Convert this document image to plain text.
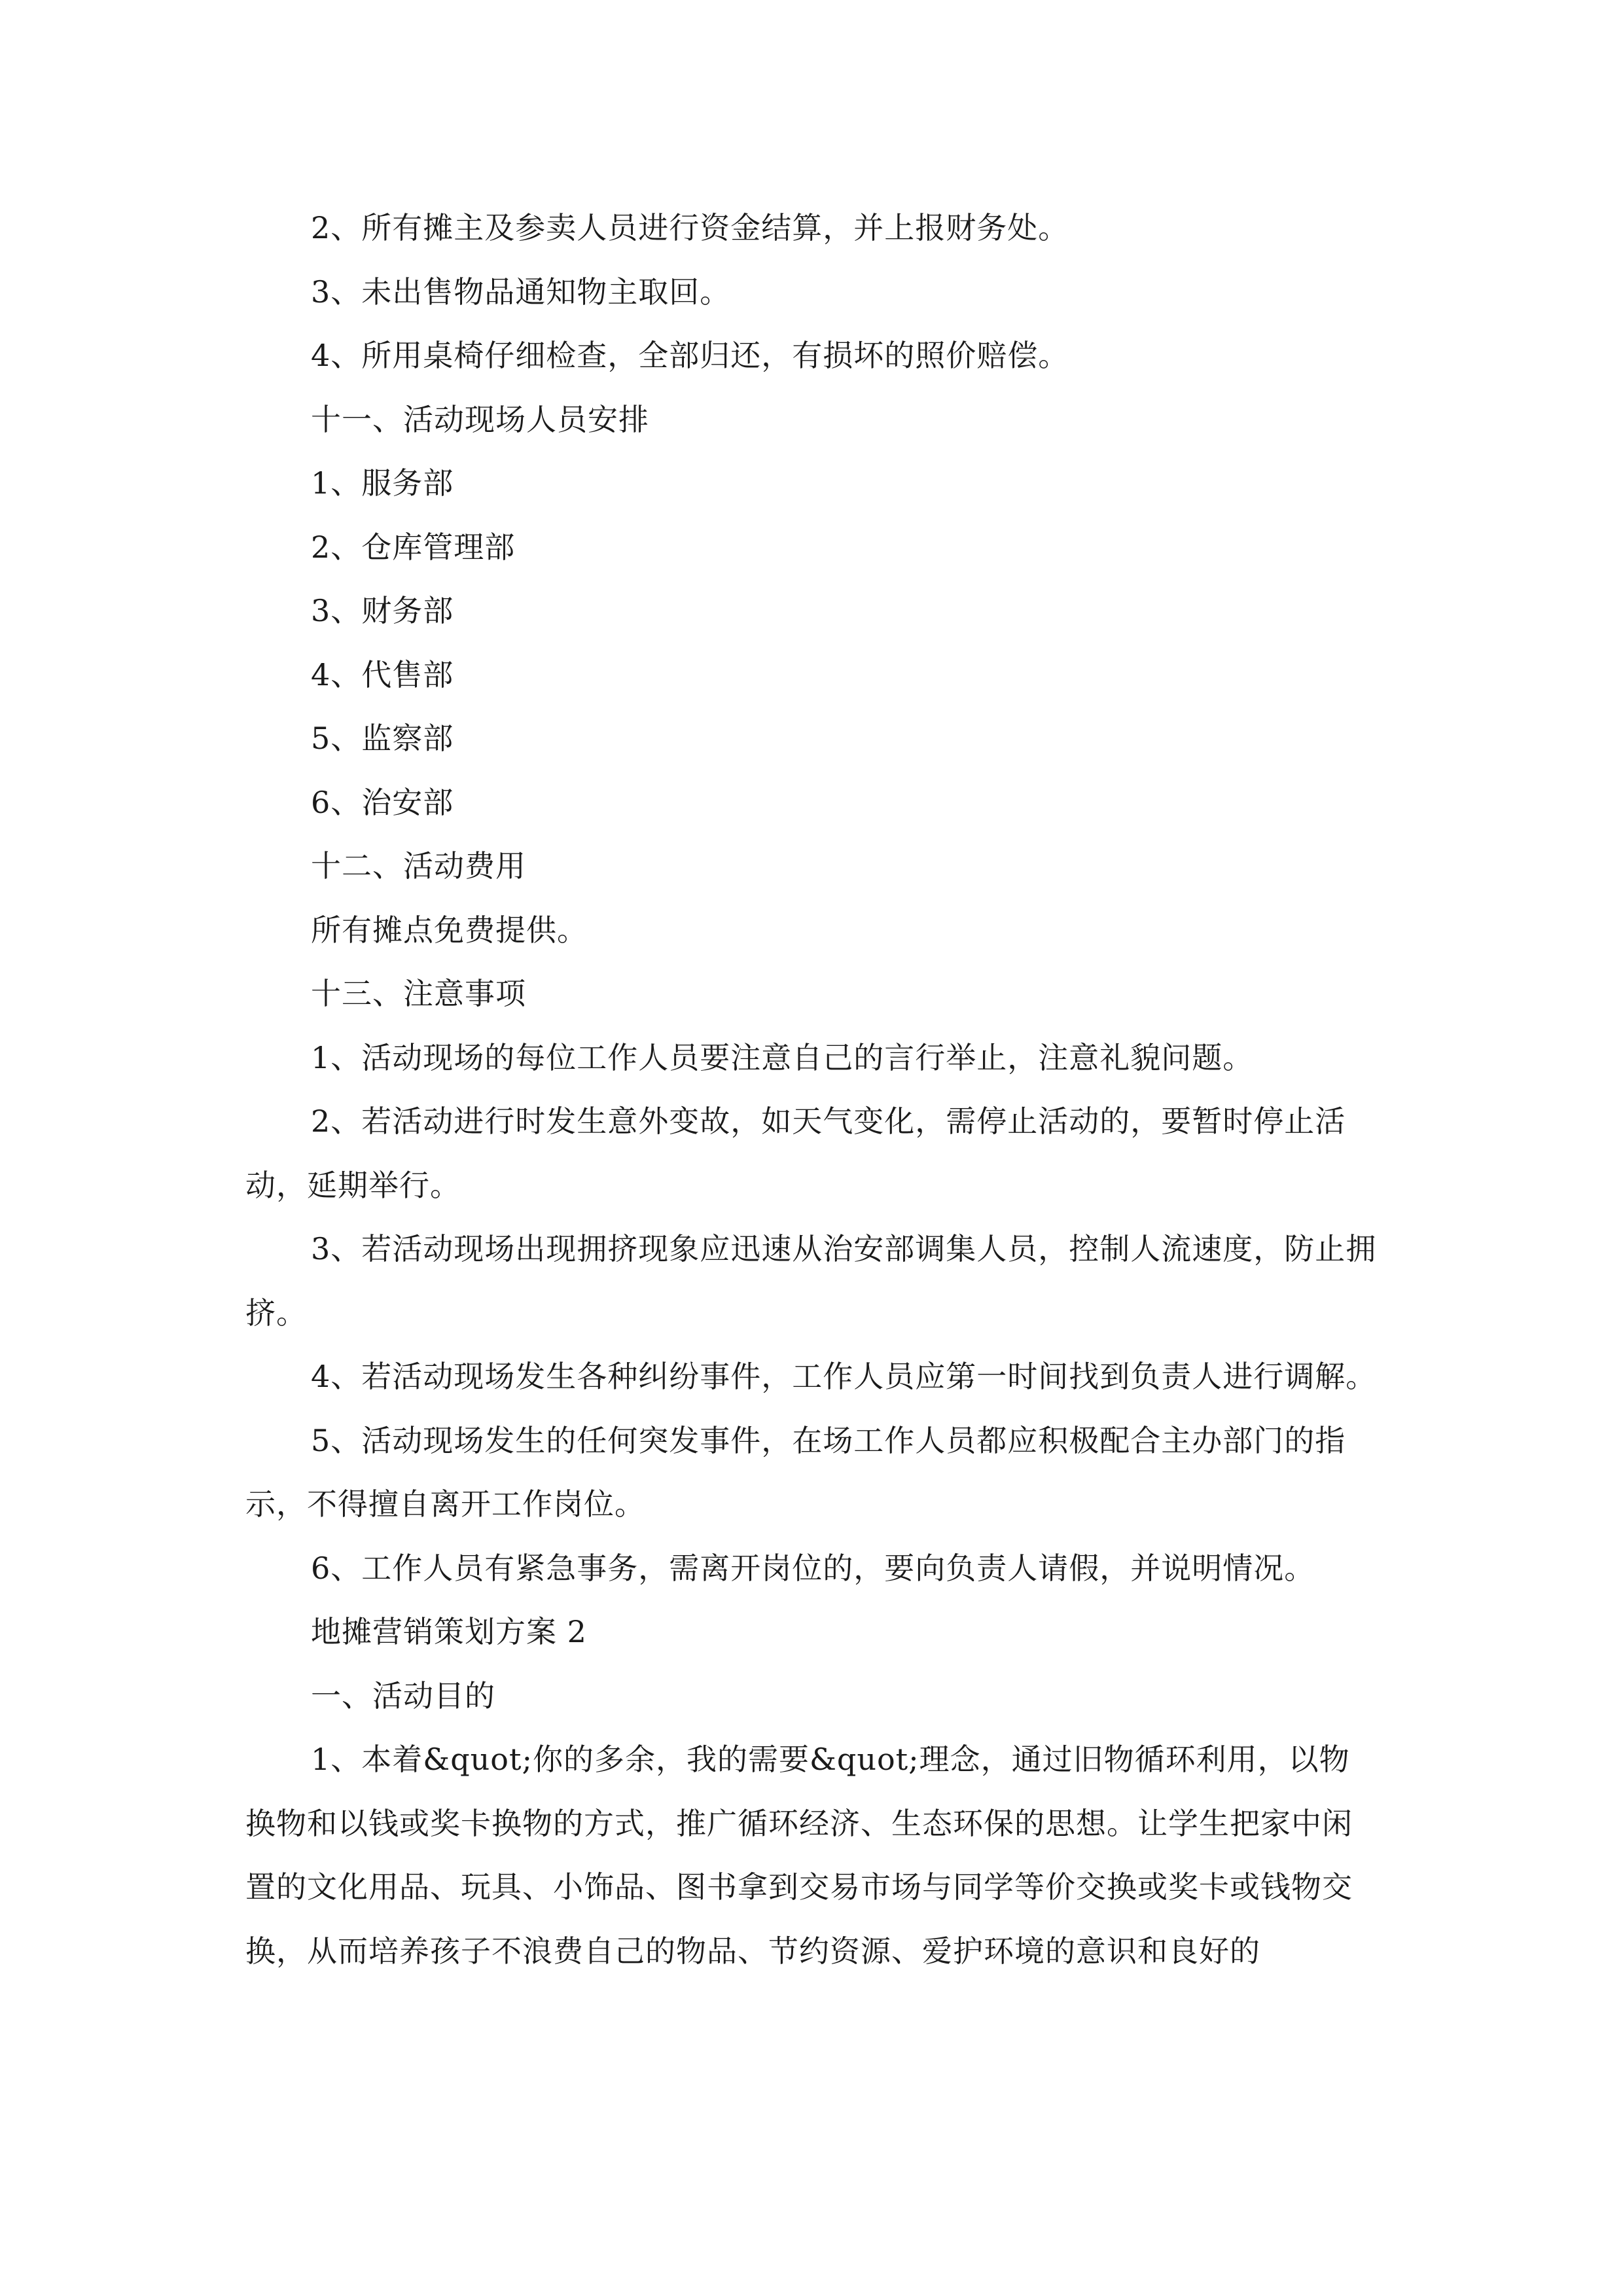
2、所有摊主及参卖人员进行资金结算，并上报财务处。

3、未出售物品通知物主取回。

4、所用桌椅仔细检查，全部归还，有损坏的照价赔偿。

十一、活动现场人员安排

1、服务部

2、仓库管理部

3、财务部

4、代售部

5、监察部

6、治安部

十二、活动费用

所有摊点免费提供。

十三、注意事项

1、活动现场的每位工作人员要注意自己的言行举止，注意礼貌问题。

2、若活动进行时发生意外变故，如天气变化，需停止活动的，要暂时停止活动，延期举行。

3、若活动现场出现拥挤现象应迅速从治安部调集人员，控制人流速度，防止拥挤。

4、若活动现场发生各种纠纷事件，工作人员应第一时间找到负责人进行调解。

5、活动现场发生的任何突发事件，在场工作人员都应积极配合主办部门的指示，不得擅自离开工作岗位。

6、工作人员有紧急事务，需离开岗位的，要向负责人请假，并说明情况。

地摊营销策划方案 2

一、活动目的

1、本着&quot;你的多余，我的需要&quot;理念，通过旧物循环利用，以物换物和以钱或奖卡换物的方式，推广循环经济、生态环保的思想。让学生把家中闲置的文化用品、玩具、小饰品、图书拿到交易市场与同学等价交换或奖卡或钱物交换，从而培养孩子不浪费自己的物品、节约资源、爱护环境的意识和良好的
